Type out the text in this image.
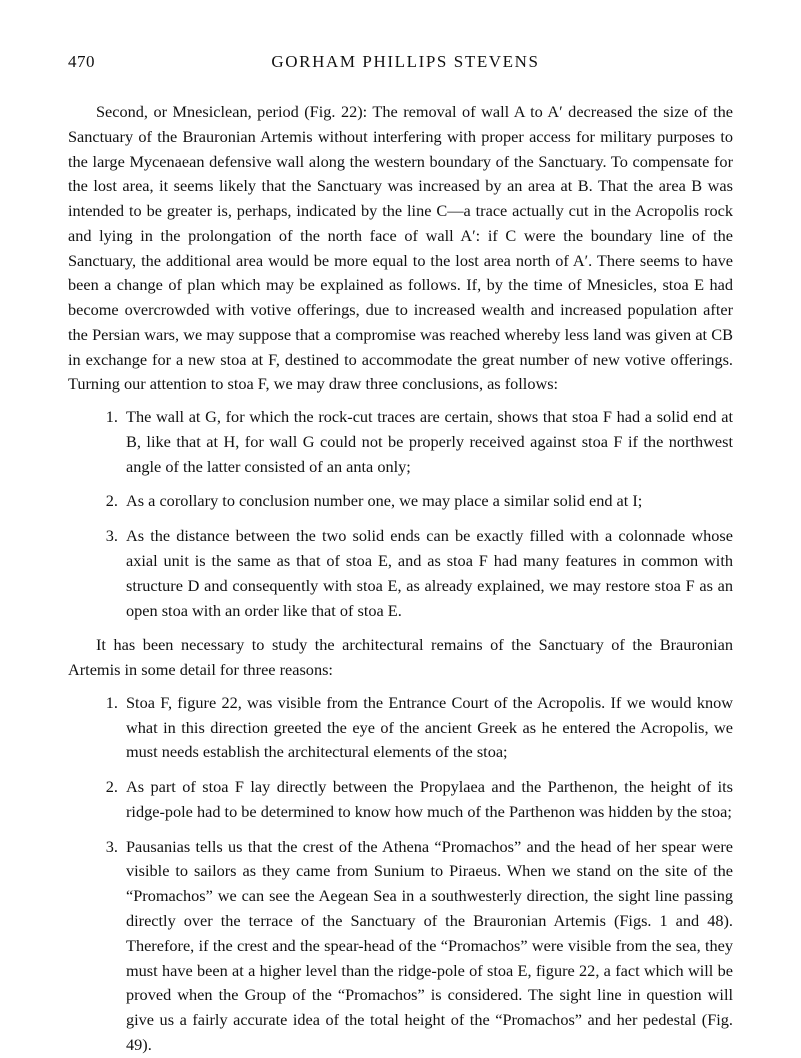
470	GORHAM PHILLIPS STEVENS

Second, or Mnesiclean, period (Fig. 22): The removal of wall A to A′ decreased the size of the Sanctuary of the Brauronian Artemis without interfering with proper access for military purposes to the large Mycenaean defensive wall along the western boundary of the Sanctuary. To compensate for the lost area, it seems likely that the Sanctuary was increased by an area at B. That the area B was intended to be greater is, perhaps, indicated by the line C—a trace actually cut in the Acropolis rock and lying in the prolongation of the north face of wall A′: if C were the boundary line of the Sanctuary, the additional area would be more equal to the lost area north of A′. There seems to have been a change of plan which may be explained as follows. If, by the time of Mnesicles, stoa E had become overcrowded with votive offerings, due to increased wealth and increased population after the Persian wars, we may suppose that a compromise was reached whereby less land was given at CB in exchange for a new stoa at F, destined to accommodate the great number of new votive offerings. Turning our attention to stoa F, we may draw three conclusions, as follows:

The wall at G, for which the rock-cut traces are certain, shows that stoa F had a solid end at B, like that at H, for wall G could not be properly received against stoa F if the northwest angle of the latter consisted of an anta only;
As a corollary to conclusion number one, we may place a similar solid end at I;
As the distance between the two solid ends can be exactly filled with a colonnade whose axial unit is the same as that of stoa E, and as stoa F had many features in common with structure D and consequently with stoa E, as already explained, we may restore stoa F as an open stoa with an order like that of stoa E.

It has been necessary to study the architectural remains of the Sanctuary of the Brauronian Artemis in some detail for three reasons:

Stoa F, figure 22, was visible from the Entrance Court of the Acropolis. If we would know what in this direction greeted the eye of the ancient Greek as he entered the Acropolis, we must needs establish the architectural elements of the stoa;
As part of stoa F lay directly between the Propylaea and the Parthenon, the height of its ridge-pole had to be determined to know how much of the Parthenon was hidden by the stoa;
Pausanias tells us that the crest of the Athena “Promachos” and the head of her spear were visible to sailors as they came from Sunium to Piraeus. When we stand on the site of the “Promachos” we can see the Aegean Sea in a southwesterly direction, the sight line passing directly over the terrace of the Sanctuary of the Brauronian Artemis (Figs. 1 and 48). Therefore, if the crest and the spear-head of the “Promachos” were visible from the sea, they must have been at a higher level than the ridge-pole of stoa E, figure 22, a fact which will be proved when the Group of the “Promachos” is considered. The sight line in question will give us a fairly accurate idea of the total height of the “Promachos” and her pedestal (Fig. 49).
